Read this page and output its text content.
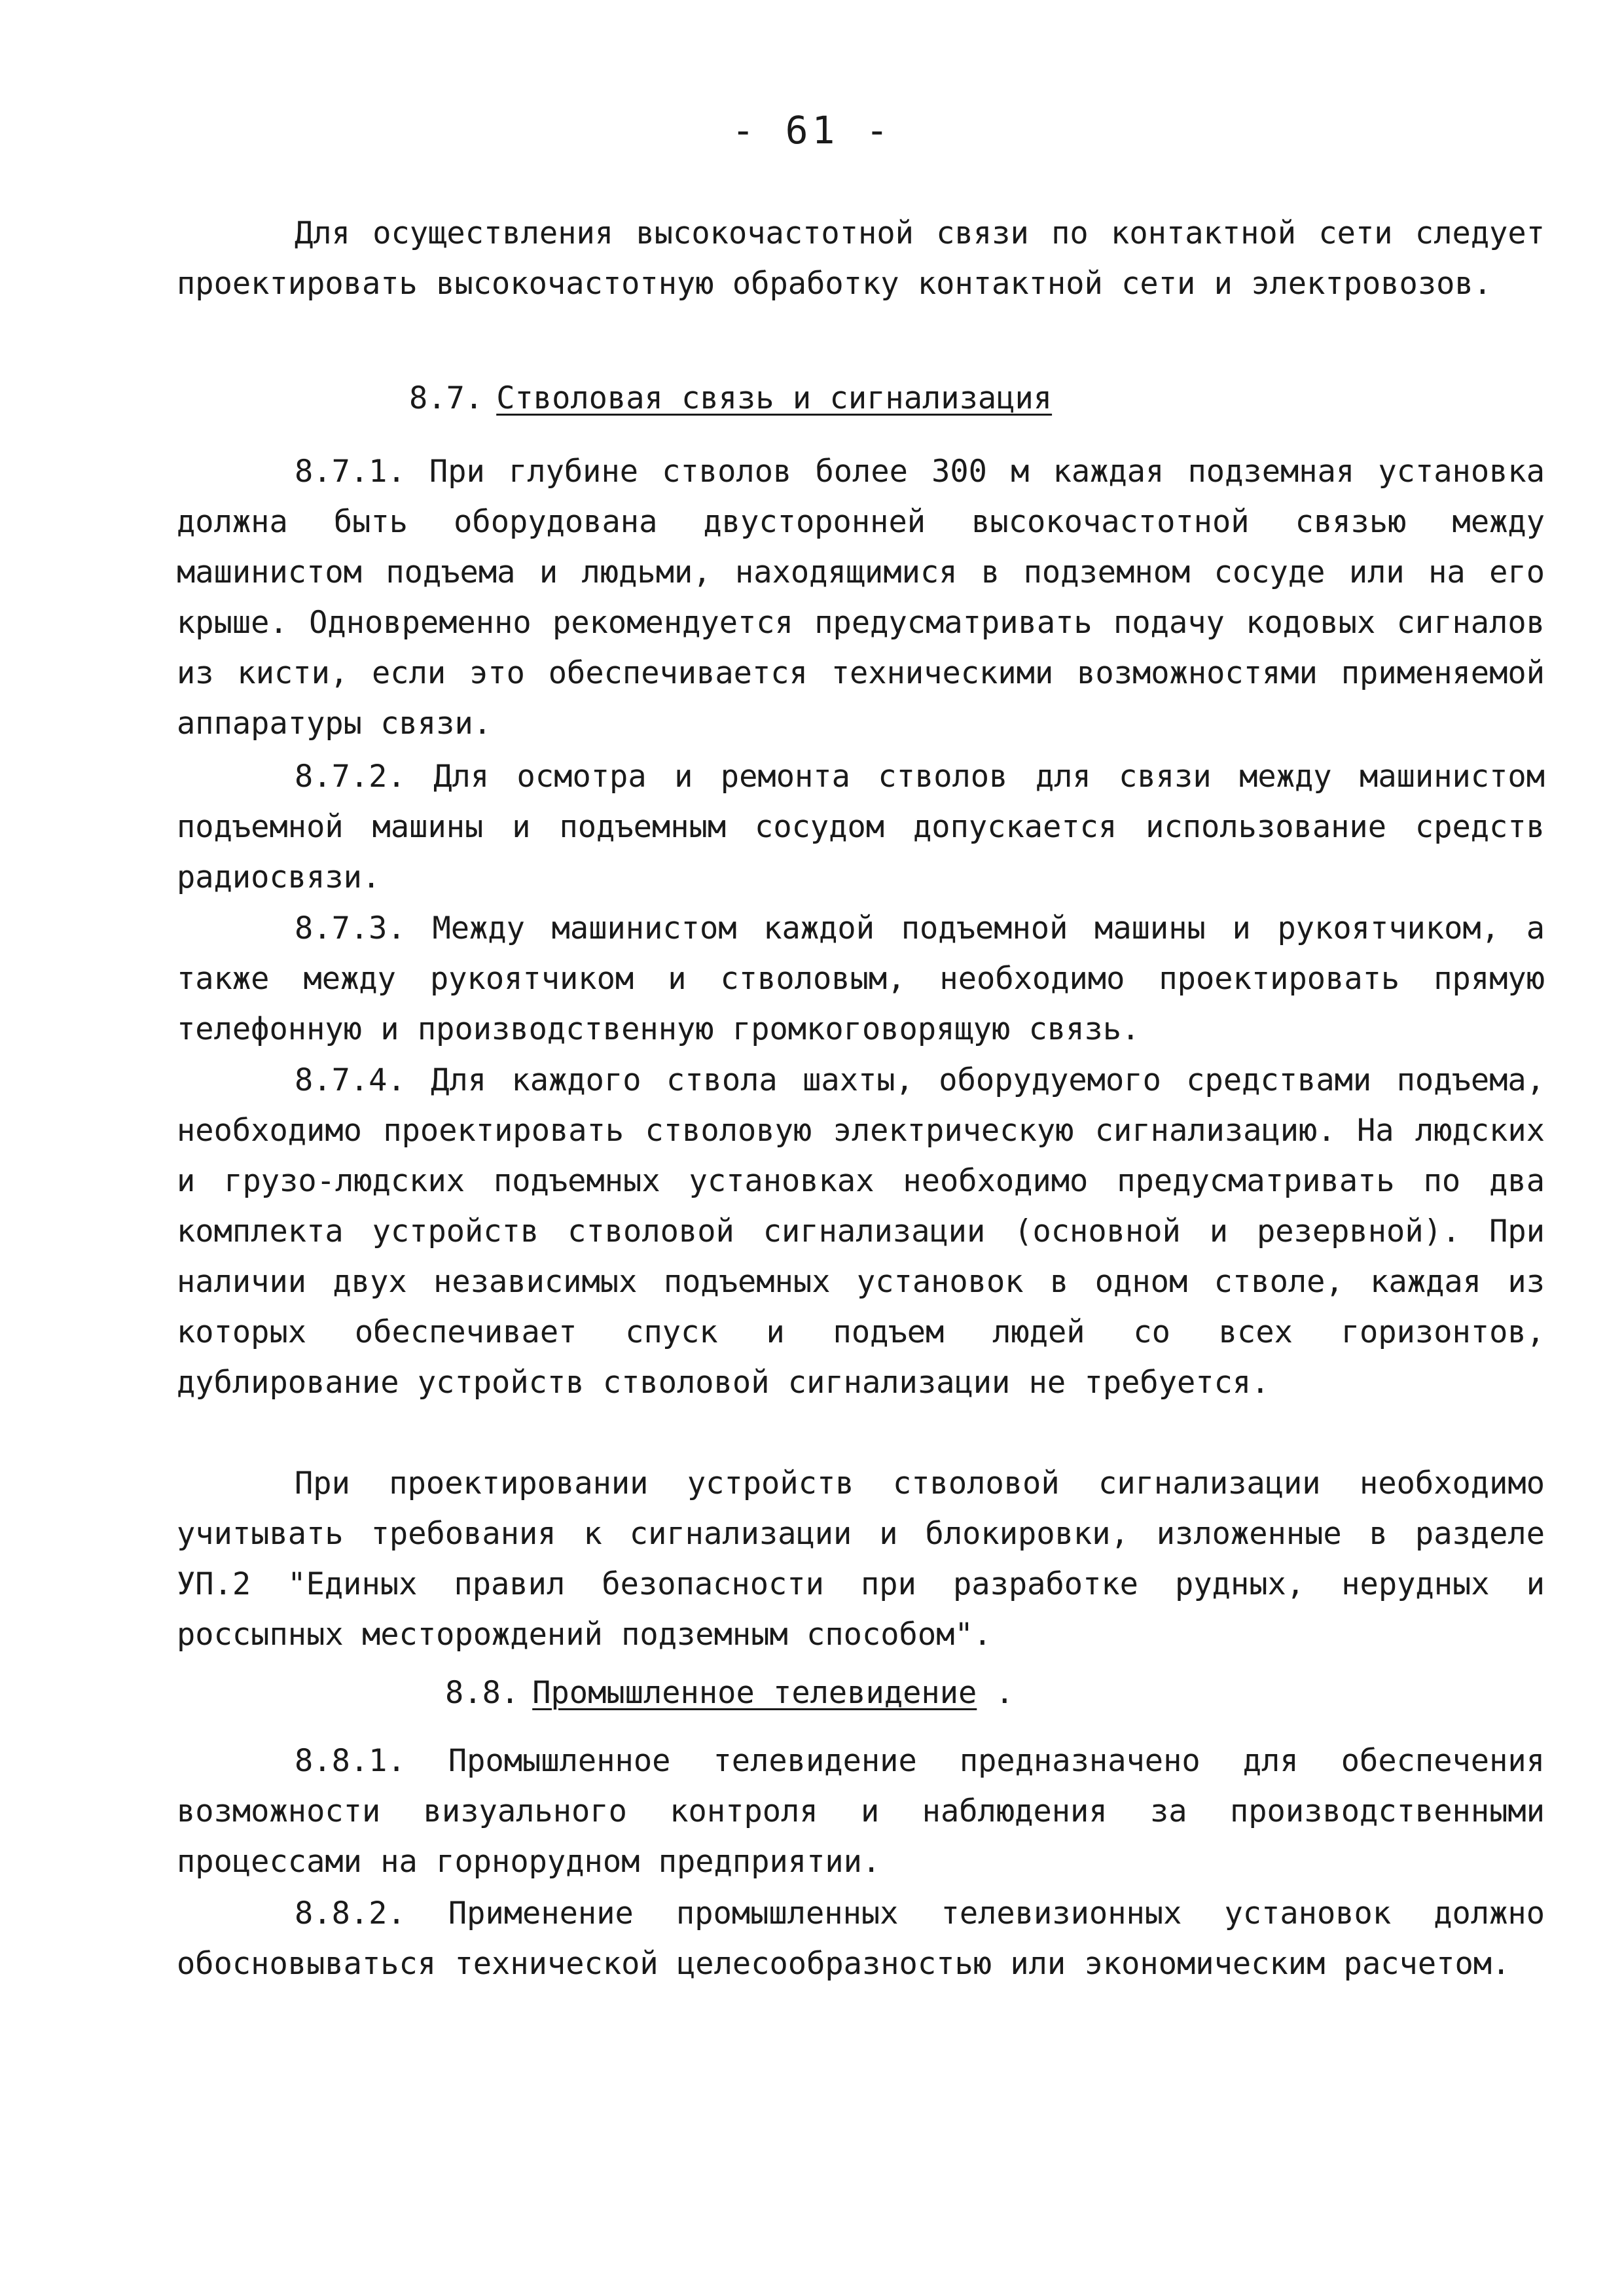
- 61 -

Для осуществления высокочастотной связи по контактной сети следует проектировать высокочастотную обработку контактной сети и электровозов.

8.7. Стволовая связь и сигнализация

8.7.1. При глубине стволов более 300 м каждая подземная установка должна быть оборудована двусторонней высокочастотной связью между машинистом подъема и людьми, находящимися в подземном сосуде или на его крыше. Одновременно рекомендуется предусматривать подачу кодовых сигналов из кисти, если это обеспечивается техническими возможностями применяемой аппаратуры связи.

8.7.2. Для осмотра и ремонта стволов для связи между машинистом подъемной машины и подъемным сосудом допускается использование средств радиосвязи.

8.7.3. Между машинистом каждой подъемной машины и рукоятчиком, а также между рукоятчиком и стволовым, необходимо проектировать прямую телефонную и производственную громкоговорящую связь.

8.7.4. Для каждого ствола шахты, оборудуемого средствами подъема, необходимо проектировать стволовую электрическую сигнализацию. На людских и грузо-людских подъемных установках необходимо предусматривать по два комплекта устройств стволовой сигнализации (основной и резервной). При наличии двух независимых подъемных установок в одном стволе, каждая из которых обеспечивает спуск и подъем людей со всех горизонтов, дублирование устройств стволовой сигнализации не требуется.

При проектировании устройств стволовой сигнализации необходимо учитывать требования к сигнализации и блокировки, изложенные в разделе УП.2 "Единых правил безопасности при разработке рудных, нерудных и россыпных месторождений подземным способом".

8.8. Промышленное телевидение .

8.8.1. Промышленное телевидение предназначено для обеспечения возможности визуального контроля и наблюдения за производственными процессами на горнорудном предприятии.

8.8.2. Применение промышленных телевизионных установок должно обосновываться технической целесообразностью или экономическим расчетом.
